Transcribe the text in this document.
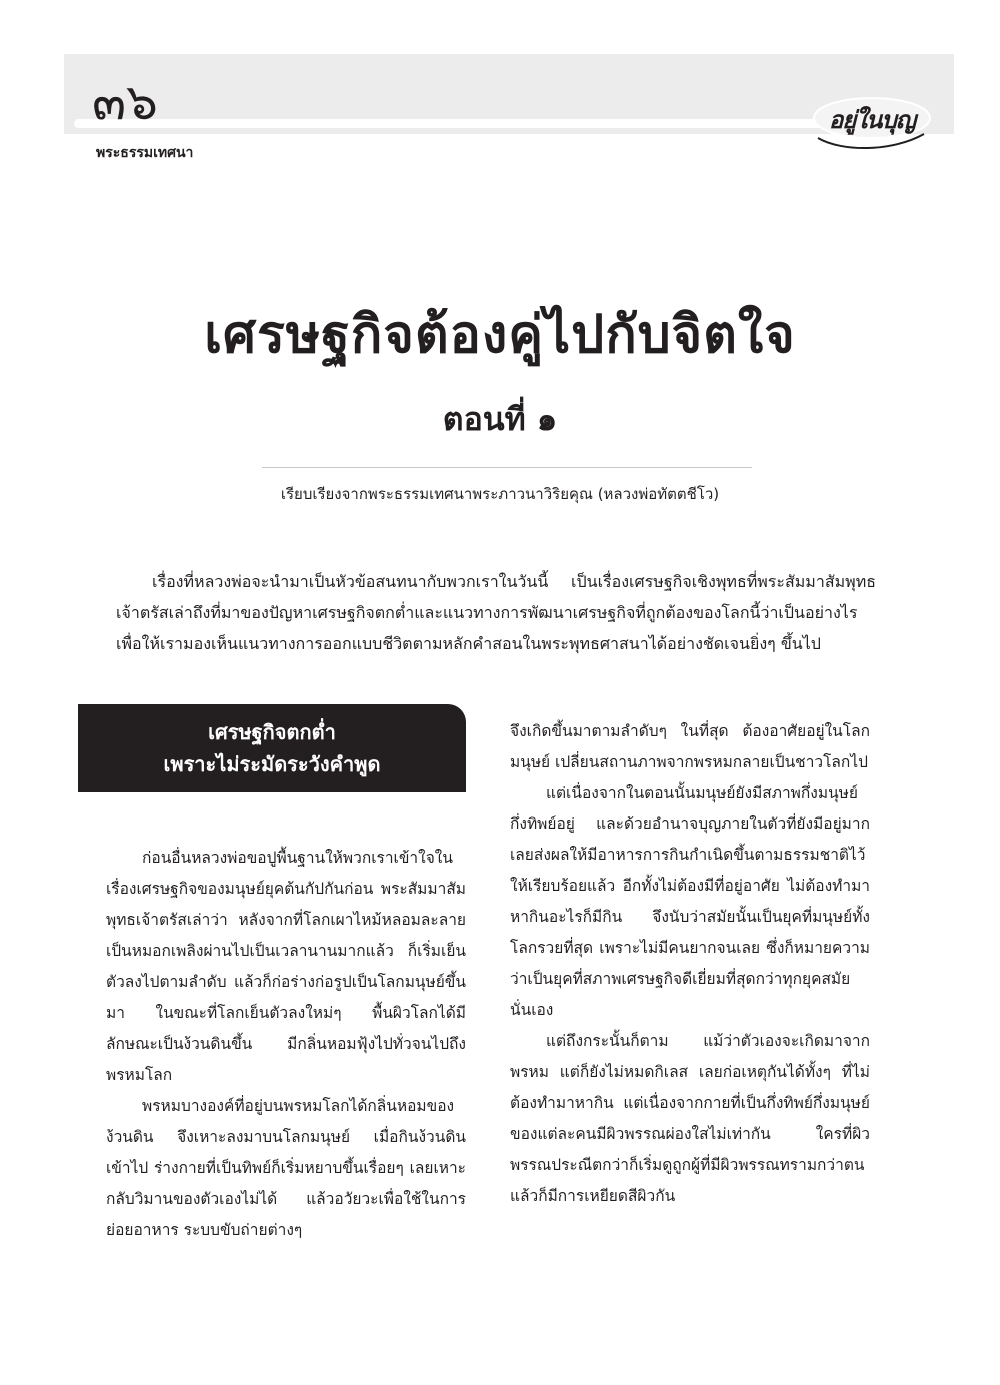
๓๖	อยู่ในบุญ
พระธรรมเทศนา
เศรษฐกิจต้องคู่ไปกับจิตใจ
ตอนที่ ๑
เรียบเรียงจากพระธรรมเทศนาพระภาวนาวิริยคุณ (หลวงพ่อทัตตชีโว)

เรื่องที่หลวงพ่อจะนำมาเป็นหัวข้อสนทนากับพวกเราในวันนี้ เป็นเรื่องเศรษฐกิจเชิงพุทธที่พระสัมมาสัมพุทธเจ้าตรัสเล่าถึงที่มาของปัญหาเศรษฐกิจตกต่ำและแนวทางการพัฒนาเศรษฐกิจที่ถูกต้องของโลกนี้ว่าเป็นอย่างไร เพื่อให้เรามองเห็นแนวทางการออกแบบชีวิตตามหลักคำสอนในพระพุทธศาสนาได้อย่างชัดเจนยิ่งๆ ขึ้นไป

เศรษฐกิจตกต่ำ
เพราะไม่ระมัดระวังคำพูด

ก่อนอื่นหลวงพ่อขอปูพื้นฐานให้พวกเราเข้าใจในเรื่องเศรษฐกิจของมนุษย์ยุคต้นกัปกันก่อน พระสัมมาสัมพุทธเจ้าตรัสเล่าว่า หลังจากที่โลกเผาไหม้หลอมละลายเป็นหมอกเพลิงผ่านไปเป็นเวลานานมากแล้ว ก็เริ่มเย็นตัวลงไปตามลำดับ แล้วก็ก่อร่างก่อรูปเป็นโลกมนุษย์ขึ้นมา ในขณะที่โลกเย็นตัวลงใหม่ๆ พื้นผิวโลกได้มีลักษณะเป็นง้วนดินขึ้น มีกลิ่นหอมฟุ้งไปทั่วจนไปถึงพรหมโลก

พรหมบางองค์ที่อยู่บนพรหมโลกได้กลิ่นหอมของง้วนดิน จึงเหาะลงมาบนโลกมนุษย์ เมื่อกินง้วนดินเข้าไป ร่างกายที่เป็นทิพย์ก็เริ่มหยาบขึ้นเรื่อยๆ เลยเหาะกลับวิมานของตัวเองไม่ได้ แล้วอวัยวะเพื่อใช้ในการย่อยอาหาร ระบบขับถ่ายต่างๆ

จึงเกิดขึ้นมาตามลำดับๆ ในที่สุด ต้องอาศัยอยู่ในโลกมนุษย์ เปลี่ยนสถานภาพจากพรหมกลายเป็นชาวโลกไป

แต่เนื่องจากในตอนนั้นมนุษย์ยังมีสภาพกึ่งมนุษย์กึ่งทิพย์อยู่ และด้วยอำนาจบุญภายในตัวที่ยังมีอยู่มาก เลยส่งผลให้มีอาหารการกินกำเนิดขึ้นตามธรรมชาติไว้ให้เรียบร้อยแล้ว อีกทั้งไม่ต้องมีที่อยู่อาศัย ไม่ต้องทำมาหากินอะไรก็มีกิน จึงนับว่าสมัยนั้นเป็นยุคที่มนุษย์ทั้งโลกรวยที่สุด เพราะไม่มีคนยากจนเลย ซึ่งก็หมายความว่าเป็นยุคที่สภาพเศรษฐกิจดีเยี่ยมที่สุดกว่าทุกยุคสมัยนั่นเอง

แต่ถึงกระนั้นก็ตาม แม้ว่าตัวเองจะเกิดมาจากพรหม แต่ก็ยังไม่หมดกิเลส เลยก่อเหตุกันได้ทั้งๆ ที่ไม่ต้องทำมาหากิน แต่เนื่องจากกายที่เป็นกึ่งทิพย์กึ่งมนุษย์ของแต่ละคนมีผิวพรรณผ่องใสไม่เท่ากัน ใครที่ผิวพรรณประณีตกว่าก็เริ่มดูถูกผู้ที่มีผิวพรรณทรามกว่าตน แล้วก็มีการเหยียดสีผิวกัน
